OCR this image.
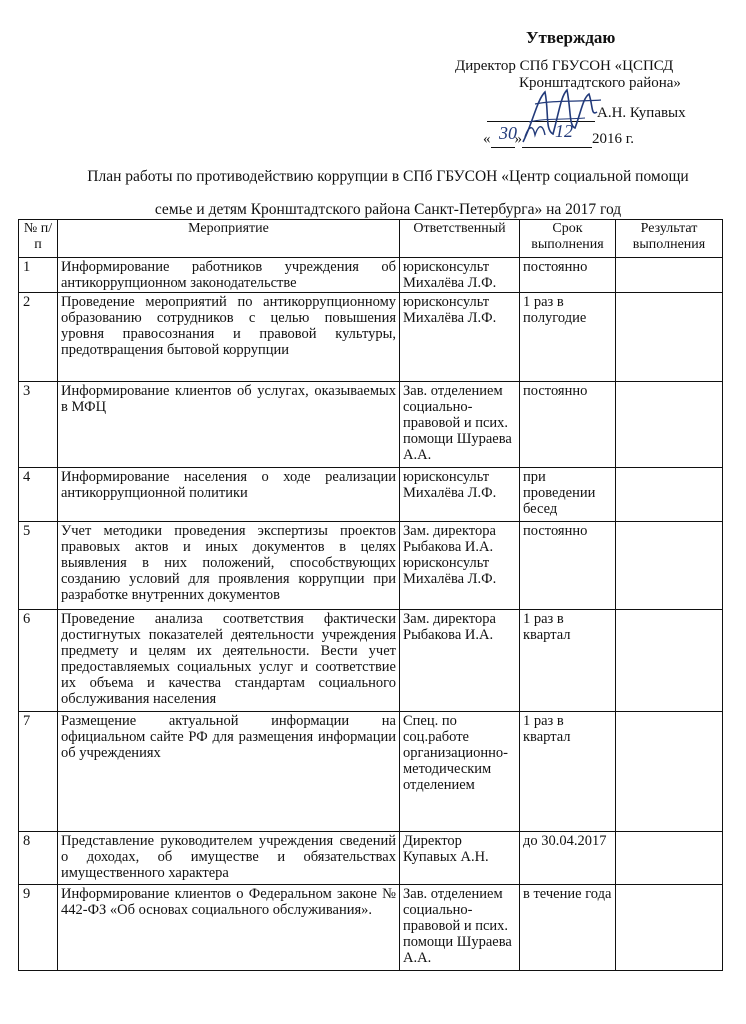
Утверждаю
Директор СПб ГБУСОН «ЦСПСД
Кронштадтского района»
А.Н. Купавых
« »	2016 г.
30 12
План работы по противодействию коррупции в СПб ГБУСОН «Центр социальной помощи
семье и детям Кронштадтского района Санкт-Петербурга» на 2017 год
№ п/п	Мероприятие	Ответственный	Срок выполнения	Результат выполнения
1	Информирование работников учреждения об антикоррупционном законодательстве	юрисконсульт Михалёва Л.Ф.	постоянно	
2	Проведение мероприятий по антикоррупционному образованию сотрудников с целью повышения уровня правосознания и правовой культуры, предотвращения бытовой коррупции	юрисконсульт Михалёва Л.Ф.	1 раз в полугодие	
3	Информирование клиентов об услугах, оказываемых в МФЦ	Зав. отделением социально-правовой и псих. помощи Шураева А.А.	постоянно	
4	Информирование населения о ходе реализации антикоррупционной политики	юрисконсульт Михалёва Л.Ф.	при проведении бесед	
5	Учет методики проведения экспертизы проектов правовых актов и иных документов в целях выявления в них положений, способствующих созданию условий для проявления коррупции при разработке внутренних документов	Зам. директора Рыбакова И.А. юрисконсульт Михалёва Л.Ф.	постоянно	
6	Проведение анализа соответствия фактически достигнутых показателей деятельности учреждения предмету и целям их деятельности. Вести учет предоставляемых социальных услуг и соответствие их объема и качества стандартам социального обслуживания населения	Зам. директора Рыбакова И.А.	1 раз в квартал	
7	Размещение актуальной информации на официальном сайте РФ для размещения информации об учреждениях	Спец. по соц.работе организационно-методическим отделением	1 раз в квартал	
8	Представление руководителем учреждения сведений о доходах, об имуществе и обязательствах имущественного характера	Директор Купавых А.Н.	до 30.04.2017	
9	Информирование клиентов о Федеральном законе № 442-ФЗ «Об основах социального обслуживания».	Зав. отделением социально-правовой и псих. помощи Шураева А.А.	в течение года	
